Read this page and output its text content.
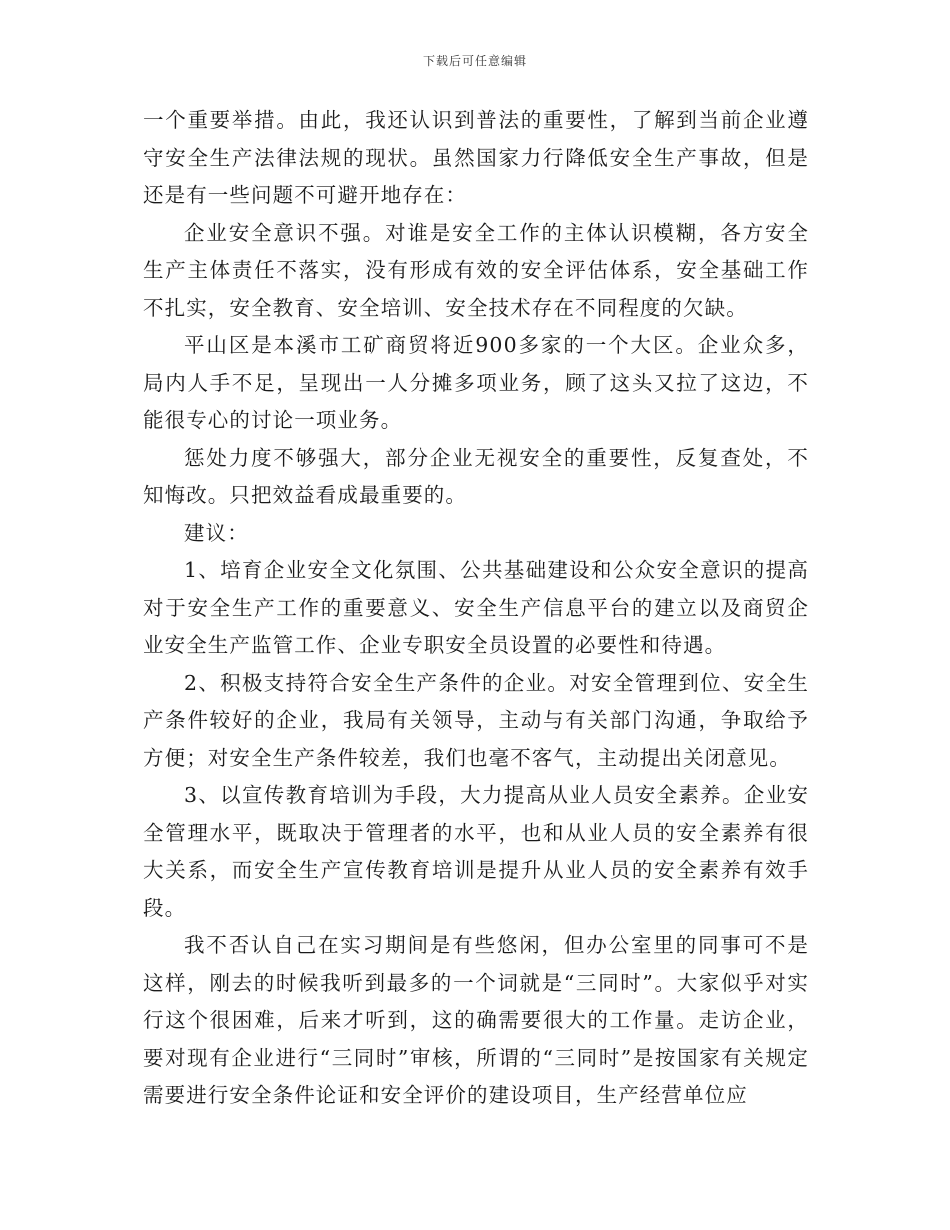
下载后可任意编辑

一个重要举措。由此，我还认识到普法的重要性，了解到当前企业遵守安全生产法律法规的现状。虽然国家力行降低安全生产事故，但是还是有一些问题不可避开地存在：

企业安全意识不强。对谁是安全工作的主体认识模糊，各方安全生产主体责任不落实，没有形成有效的安全评估体系，安全基础工作不扎实，安全教育、安全培训、安全技术存在不同程度的欠缺。

平山区是本溪市工矿商贸将近900多家的一个大区。企业众多，局内人手不足，呈现出一人分摊多项业务，顾了这头又拉了这边，不能很专心的讨论一项业务。

惩处力度不够强大，部分企业无视安全的重要性，反复查处，不知悔改。只把效益看成最重要的。

建议：

1、培育企业安全文化氛围、公共基础建设和公众安全意识的提高对于安全生产工作的重要意义、安全生产信息平台的建立以及商贸企业安全生产监管工作、企业专职安全员设置的必要性和待遇。

2、积极支持符合安全生产条件的企业。对安全管理到位、安全生产条件较好的企业，我局有关领导，主动与有关部门沟通，争取给予方便；对安全生产条件较差，我们也毫不客气，主动提出关闭意见。

3、以宣传教育培训为手段，大力提高从业人员安全素养。企业安全管理水平，既取决于管理者的水平，也和从业人员的安全素养有很大关系，而安全生产宣传教育培训是提升从业人员的安全素养有效手段。

我不否认自己在实习期间是有些悠闲，但办公室里的同事可不是这样，刚去的时候我听到最多的一个词就是“三同时”。大家似乎对实行这个很困难，后来才听到，这的确需要很大的工作量。走访企业，要对现有企业进行“三同时”审核，所谓的“三同时”是按国家有关规定需要进行安全条件论证和安全评价的建设项目，生产经营单位应
